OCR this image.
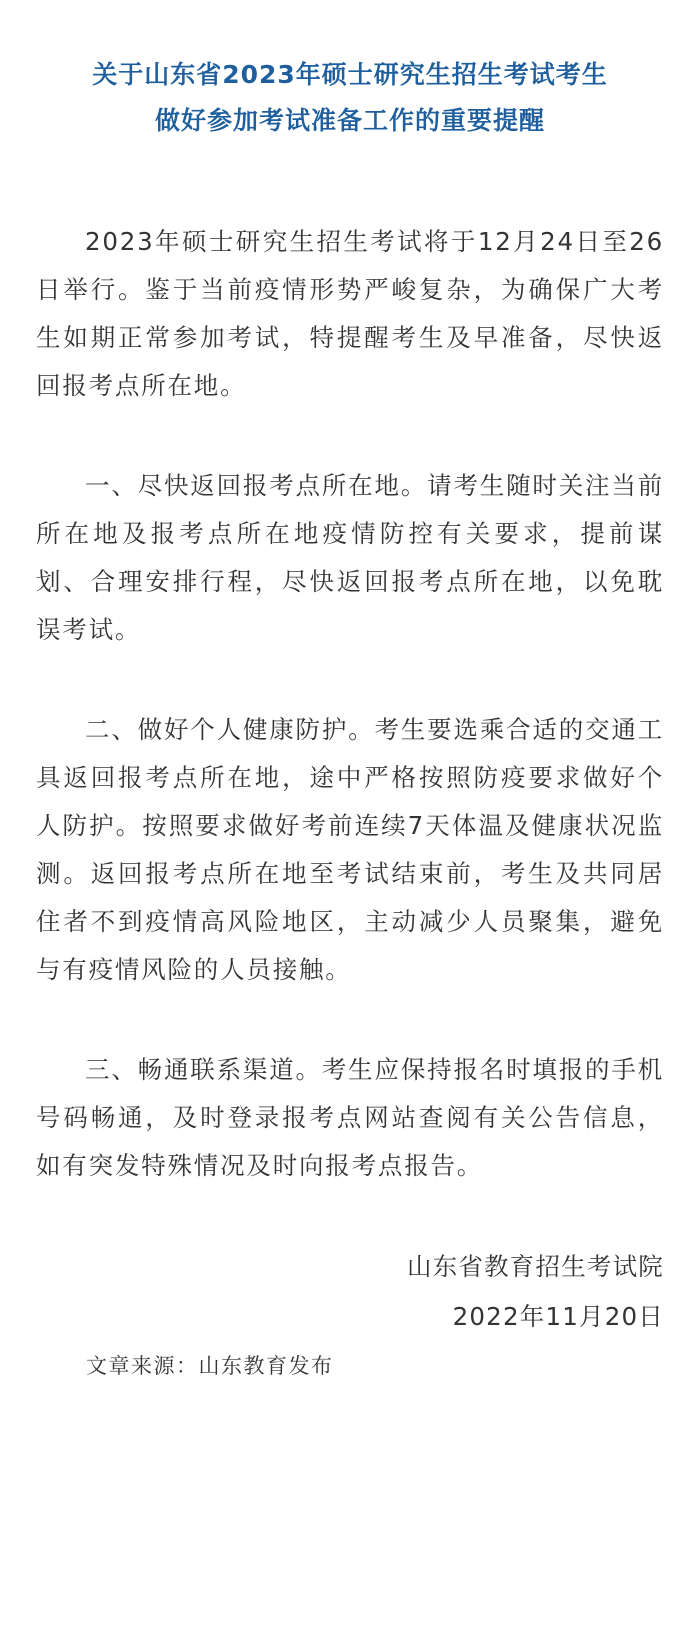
关于山东省2023年硕士研究生招生考试考生
做好参加考试准备工作的重要提醒

2023年硕士研究生招生考试将于12月24日至26日举行。鉴于当前疫情形势严峻复杂，为确保广大考生如期正常参加考试，特提醒考生及早准备，尽快返回报考点所在地。

一、尽快返回报考点所在地。请考生随时关注当前所在地及报考点所在地疫情防控有关要求，提前谋划、合理安排行程，尽快返回报考点所在地，以免耽误考试。

二、做好个人健康防护。考生要选乘合适的交通工具返回报考点所在地，途中严格按照防疫要求做好个人防护。按照要求做好考前连续7天体温及健康状况监测。返回报考点所在地至考试结束前，考生及共同居住者不到疫情高风险地区，主动减少人员聚集，避免与有疫情风险的人员接触。

三、畅通联系渠道。考生应保持报名时填报的手机号码畅通，及时登录报考点网站查阅有关公告信息，如有突发特殊情况及时向报考点报告。

山东省教育招生考试院
2022年11月20日
文章来源：山东教育发布
